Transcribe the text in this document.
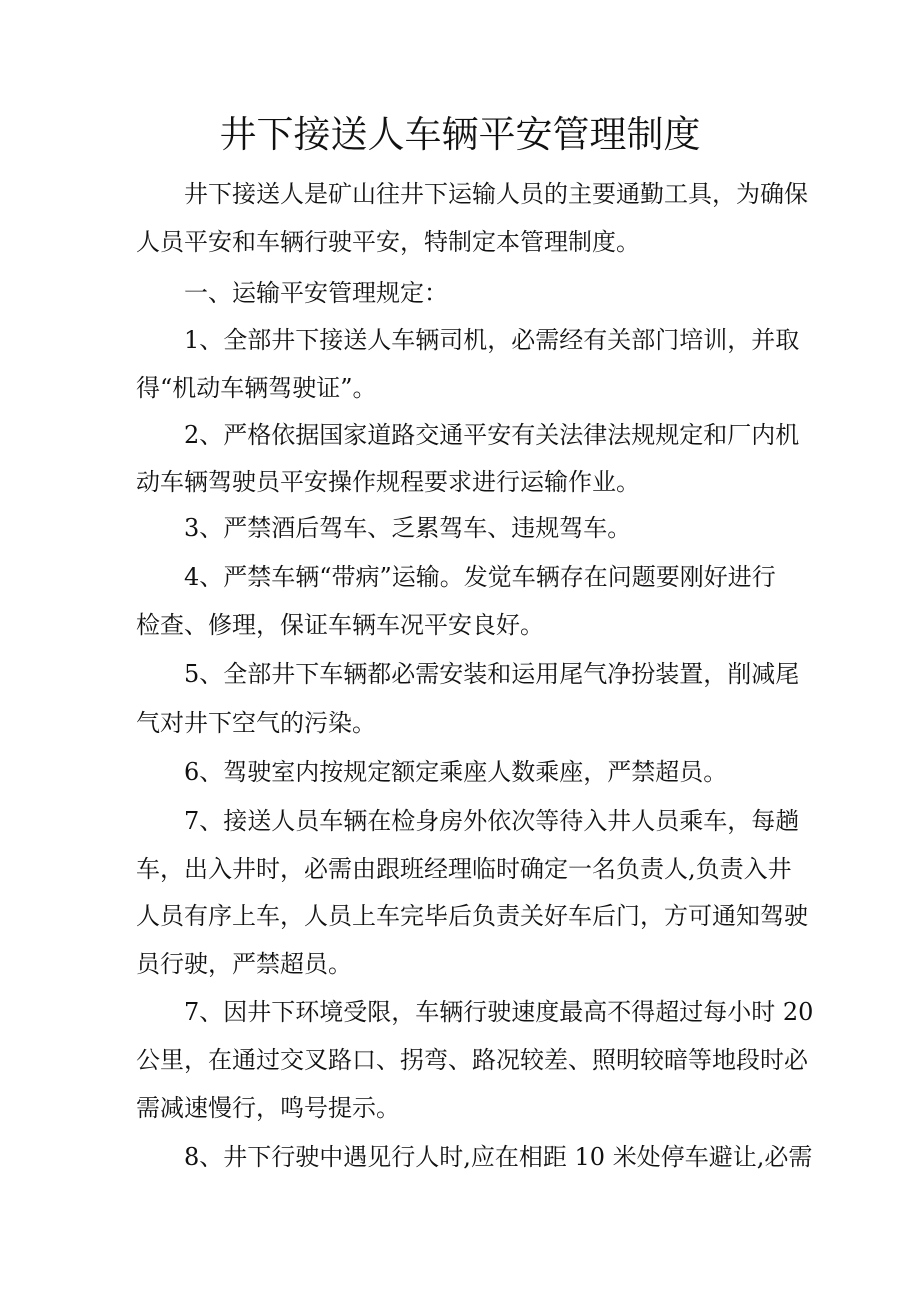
井下接送人车辆平安管理制度

井下接送人是矿山往井下运输人员的主要通勤工具，为确保

人员平安和车辆行驶平安，特制定本管理制度。

一、运输平安管理规定：

1、全部井下接送人车辆司机，必需经有关部门培训，并取

得“机动车辆驾驶证”。

2、严格依据国家道路交通平安有关法律法规规定和厂内机

动车辆驾驶员平安操作规程要求进行运输作业。

3、严禁酒后驾车、乏累驾车、违规驾车。

4、严禁车辆“带病”运输。发觉车辆存在问题要刚好进行

检查、修理，保证车辆车况平安良好。

5、全部井下车辆都必需安装和运用尾气净扮装置，削减尾

气对井下空气的污染。

6、驾驶室内按规定额定乘座人数乘座，严禁超员。

7、接送人员车辆在检身房外依次等待入井人员乘车，每趟

车，出入井时，必需由跟班经理临时确定一名负责人,负责入井

人员有序上车，人员上车完毕后负责关好车后门，方可通知驾驶

员行驶，严禁超员。

7、因井下环境受限，车辆行驶速度最高不得超过每小时 20

公里，在通过交叉路口、拐弯、路况较差、照明较暗等地段时必

需减速慢行，鸣号提示。

8、井下行驶中遇见行人时,应在相距 10 米处停车避让,必需
